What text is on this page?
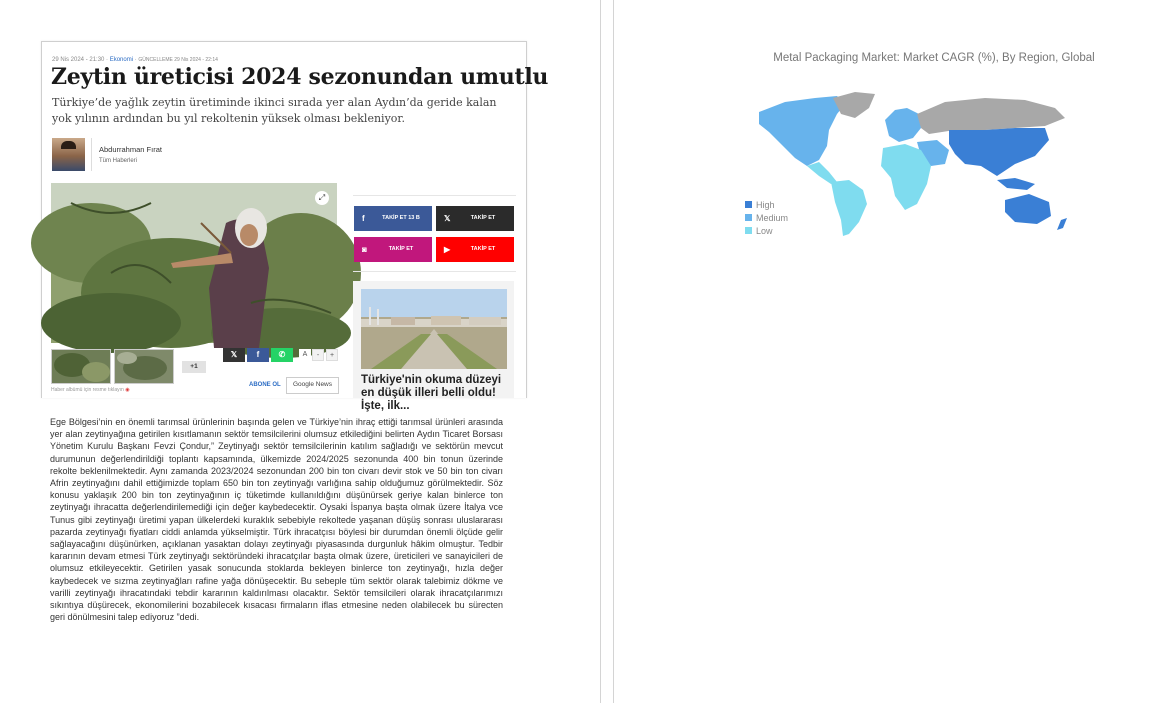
29 Nis 2024 - 21:30 · Ekonomi · GÜNCELLEME 29 Nis 2024 - 22:14
Zeytin üreticisi 2024 sezonundan umutlu

Türkiye’de yağlık zeytin üretiminde ikinci sırada yer alan Aydın’da geride kalan yok yılının ardından bu yıl rekoltenin yüksek olması bekleniyor.

Abdurrahman Fırat
Tüm Haberleri
⤢
+1
Haber albümü için resme tıklayın ◉
𝕏	f	✆	A	-	+
ABONE OL	Google News
f	TAKİP ET 13 B	𝕏	TAKİP ET
◙	TAKİP ET	▶	TAKİP ET

Türkiye'nin okuma düzeyi en düşük illeri belli oldu! İşte, ilk...

Ege Bölgesi’nin en önemli tarımsal ürünlerinin başında gelen ve Türkiye’nin ihraç ettiği tarımsal ürünleri arasında yer alan zeytinyağına getirilen kısıtlamanın sektör temsilcilerini olumsuz etkilediğini belirten Aydın Ticaret Borsası Yönetim Kurulu Başkanı Fevzi Çondur,” Zeytinyağı sektör temsilcilerinin katılım sağladığı ve sektörün mevcut durumunun değerlendirildiği toplantı kapsamında, ülkemizde 2024/2025 sezonunda 400 bin tonun üzerinde rekolte beklenilmektedir. Aynı zamanda 2023/2024 sezonundan 200 bin ton civarı devir stok ve 50 bin ton civarı Afrin zeytinyağını dahil ettiğimizde toplam 650 bin ton zeytinyağı varlığına sahip olduğumuz görülmektedir. Söz konusu yaklaşık 200 bin ton zeytinyağının iç tüketimde kullanıldığını düşünürsek geriye kalan binlerce ton zeytinyağı ihracatta değerlendirilemediği için değer kaybedecektir. Oysaki İspanya başta olmak üzere İtalya vce Tunus gibi zeytinyağı üretimi yapan ülkelerdeki kuraklık sebebiyle rekoltede yaşanan düşüş sonrası uluslararası pazarda zeytinyağı fiyatları ciddi anlamda yükselmiştir. Türk ihracatçısı böylesi bir durumdan önemli ölçüde gelir sağlayacağını düşünürken, açıklanan yasaktan dolayı zeytinyağı piyasasında durgunluk hâkim olmuştur. Tedbir kararının devam etmesi Türk zeytinyağı sektöründeki ihracatçılar başta olmak üzere, üreticileri ve sanayicileri de olumsuz etkileyecektir. Getirilen yasak sonucunda stoklarda bekleyen binlerce ton zeytinyağı, hızla değer kaybedecek ve sızma zeytinyağları rafine yağa dönüşecektir. Bu sebeple tüm sektör olarak talebimiz dökme ve varilli zeytinyağı ihracatındaki tebdir kararının kaldırılması olacaktır. Sektör temsilcileri olarak ihracatçılarımızı sıkıntıya düşürecek, ekonomilerini bozabilecek kısacası firmaların iflas etmesine neden olabilecek bu sürecten geri dönülmesini talep ediyoruz ”dedi.

Metal Packaging Market: Market CAGR (%), By Region, Global
High
Medium
Low
